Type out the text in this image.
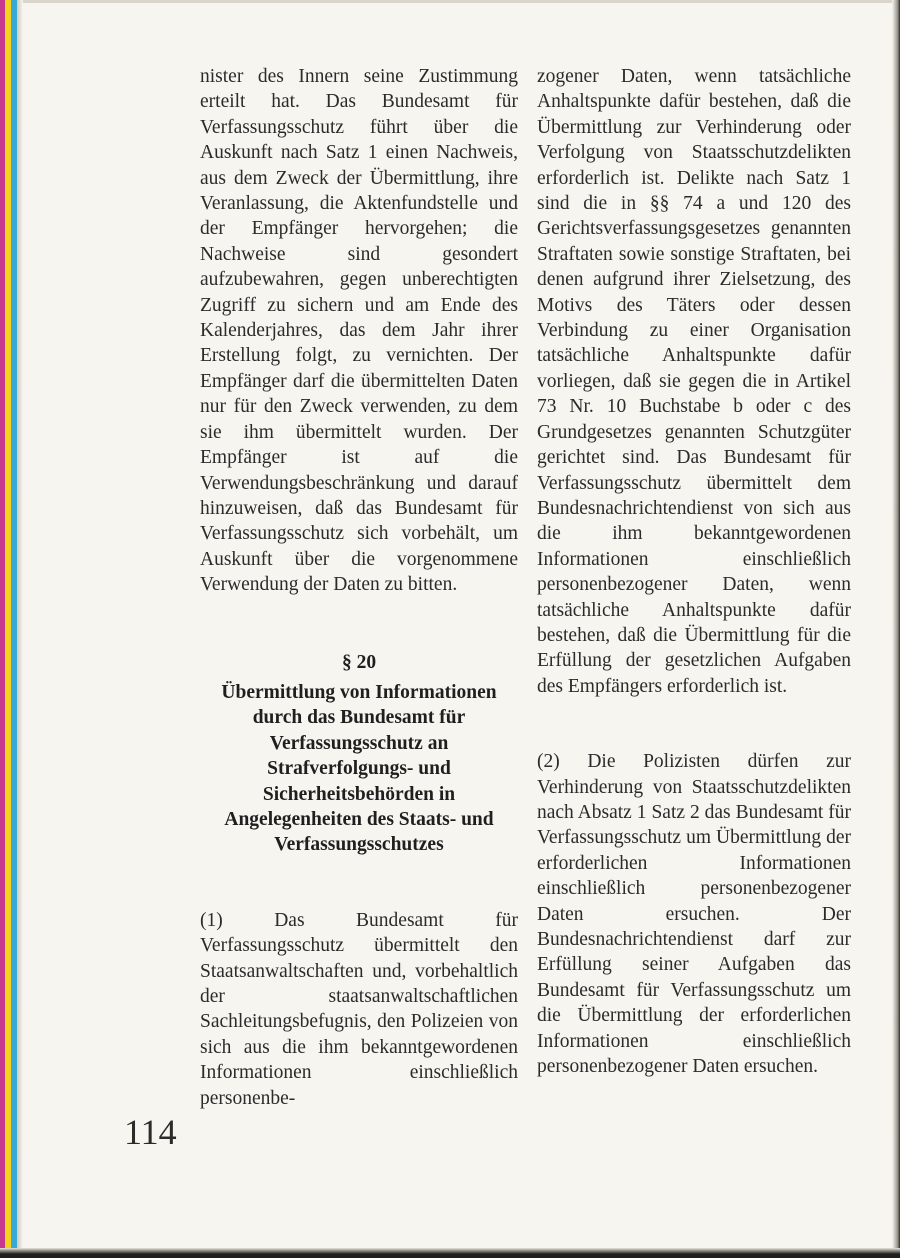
nister des Innern seine Zustimmung erteilt hat. Das Bundesamt für Verfassungsschutz führt über die Auskunft nach Satz 1 einen Nachweis, aus dem Zweck der Übermittlung, ihre Veranlassung, die Aktenfundstelle und der Empfänger hervorgehen; die Nachweise sind gesondert aufzubewahren, gegen unberechtigten Zugriff zu sichern und am Ende des Kalenderjahres, das dem Jahr ihrer Erstellung folgt, zu vernichten. Der Empfänger darf die übermittelten Daten nur für den Zweck verwenden, zu dem sie ihm übermittelt wurden. Der Empfänger ist auf die Verwendungsbeschränkung und darauf hinzuweisen, daß das Bundesamt für Verfassungsschutz sich vorbehält, um Auskunft über die vorgenommene Verwendung der Daten zu bitten.

§ 20
Übermittlung von Informationen durch das Bundesamt für Verfassungsschutz an Strafverfolgungs- und Sicherheitsbehörden in Angelegenheiten des Staats- und Verfassungsschutzes

(1) Das Bundesamt für Verfassungsschutz übermittelt den Staatsanwaltschaften und, vorbehaltlich der staatsanwaltschaftlichen Sachleitungsbefugnis, den Polizeien von sich aus die ihm bekanntgewordenen Informationen einschließlich personenbe-

zogener Daten, wenn tatsächliche Anhaltspunkte dafür bestehen, daß die Übermittlung zur Verhinderung oder Verfolgung von Staatsschutzdelikten erforderlich ist. Delikte nach Satz 1 sind die in §§ 74 a und 120 des Gerichtsverfassungsgesetzes genannten Straftaten sowie sonstige Straftaten, bei denen aufgrund ihrer Zielsetzung, des Motivs des Täters oder dessen Verbindung zu einer Organisation tatsächliche Anhaltspunkte dafür vorliegen, daß sie gegen die in Artikel 73 Nr. 10 Buchstabe b oder c des Grundgesetzes genannten Schutzgüter gerichtet sind. Das Bundesamt für Verfassungsschutz übermittelt dem Bundesnachrichtendienst von sich aus die ihm bekanntgewordenen Informationen einschließlich personenbezogener Daten, wenn tatsächliche Anhaltspunkte dafür bestehen, daß die Übermittlung für die Erfüllung der gesetzlichen Aufgaben des Empfängers erforderlich ist.

(2) Die Polizisten dürfen zur Verhinderung von Staatsschutzdelikten nach Absatz 1 Satz 2 das Bundesamt für Verfassungsschutz um Übermittlung der erforderlichen Informationen einschließlich personenbezogener Daten ersuchen. Der Bundesnachrichtendienst darf zur Erfüllung seiner Aufgaben das Bundesamt für Verfassungsschutz um die Übermittlung der erforderlichen Informationen einschließlich personenbezogener Daten ersuchen.

114
